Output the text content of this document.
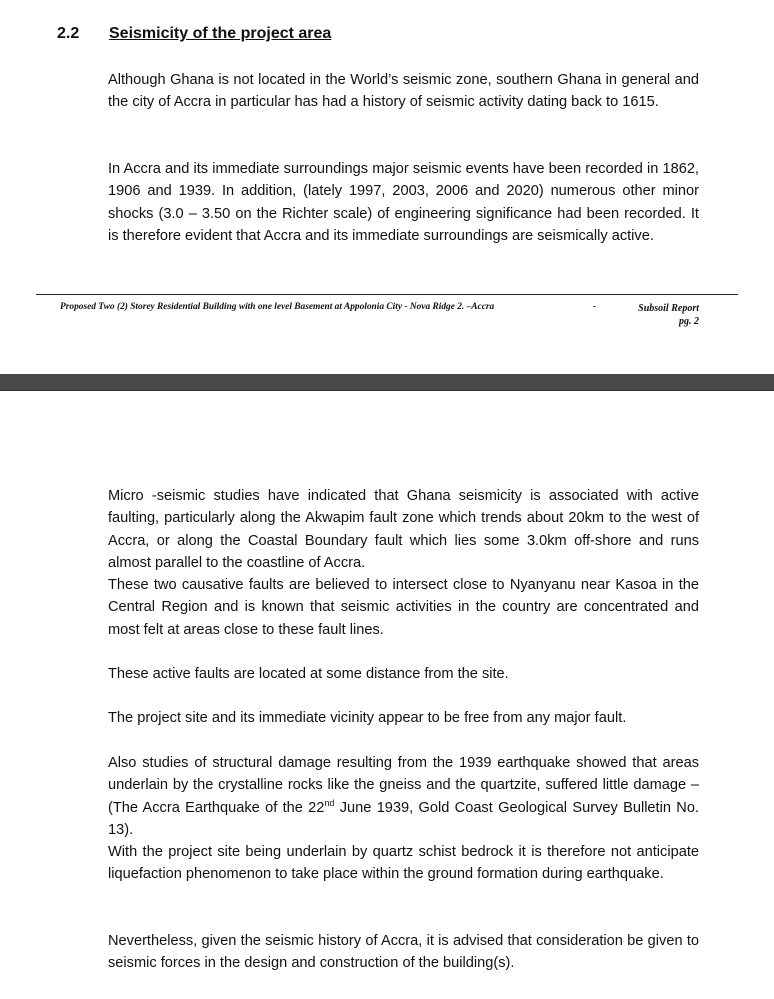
2.2 Seismicity of the project area
Although Ghana is not located in the World’s seismic zone, southern Ghana in general and the city of Accra in particular has had a history of seismic activity dating back to 1615.
In Accra and its immediate surroundings major seismic events have been recorded in 1862, 1906 and 1939. In addition, (lately 1997, 2003, 2006 and 2020) numerous other minor shocks (3.0 – 3.50 on the Richter scale) of engineering significance had been recorded. It is therefore evident that Accra and its immediate surroundings are seismically active.
Proposed Two (2) Storey Residential Building with one level Basement at Appolonia City - Nova Ridge 2. –Accra	-	Subsoil Report
pg. 2
Micro -seismic studies have indicated that Ghana seismicity is associated with active faulting, particularly along the Akwapim fault zone which trends about 20km to the west of Accra, or along the Coastal Boundary fault which lies some 3.0km off-shore and runs almost parallel to the coastline of Accra.
These two causative faults are believed to intersect close to Nyanyanu near Kasoa in the Central Region and is known that seismic activities in the country are concentrated and most felt at areas close to these fault lines.
These active faults are located at some distance from the site.
The project site and its immediate vicinity appear to be free from any major fault.
Also studies of structural damage resulting from the 1939 earthquake showed that areas underlain by the crystalline rocks like the gneiss and the quartzite, suffered little damage – (The Accra Earthquake of the 22nd June 1939, Gold Coast Geological Survey Bulletin No. 13).
With the project site being underlain by quartz schist bedrock it is therefore not anticipate liquefaction phenomenon to take place within the ground formation during earthquake.
Nevertheless, given the seismic history of Accra, it is advised that consideration be given to seismic forces in the design and construction of the building(s).
